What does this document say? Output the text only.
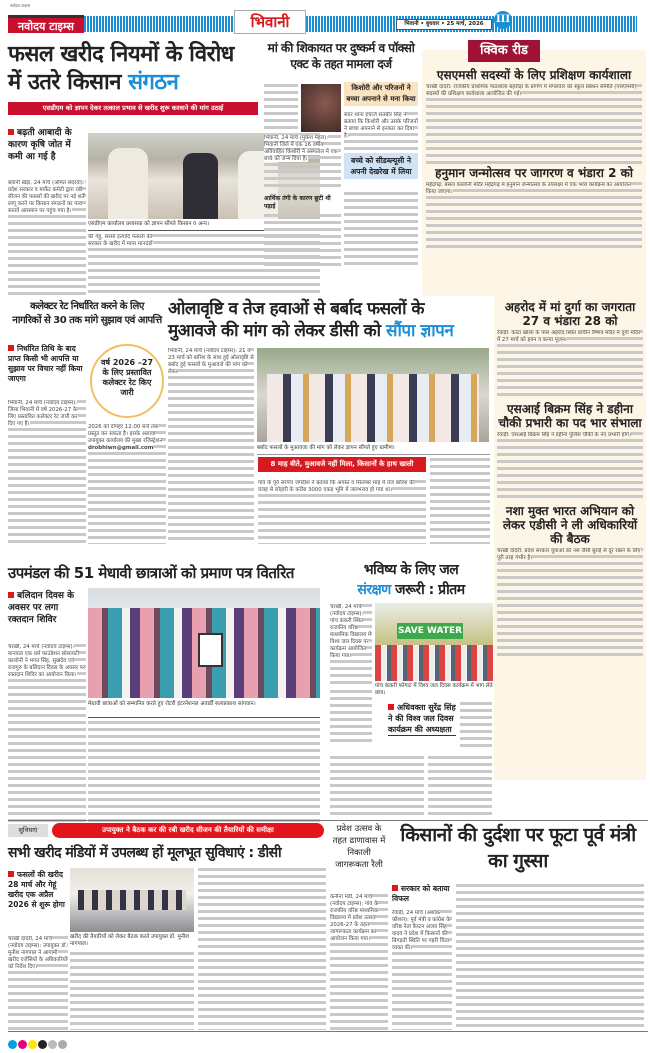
नवोदय टाइम्स
नवोदय टाइम्स	भिवानी	भिवानी • बुधवार • 25 मार्च, 2026	III
फसल खरीद नियमों के विरोध
में उतरे किसान संगठन
एसडीएम को ज्ञापन देकर तत्काल प्रभाव से खरीद शुरू करवाने की मांग उठाई
बढ़ती आबादी के कारण कृषि जोत में कमी आ गई है
बवानी खेड़ा, 24 मार्च (अमित संदरवा): प्रदेश सरकार व मार्केट कमेटी द्वारा रबी सीजन की फसलों की खरीद पर नई शर्तें लागू करने पर किसान संगठनों का पारा सातवें आसमान पर पहुंच गया है।
एसडीएम कार्यालय प्रशासक को ज्ञापन सौंपते किसान व अन्य।
की गेहूं, सरसों इत्यादि फसलों की सरकार के खरीद में माप्य मानदंडों
कलेक्टर रेट निर्धारित करने के लिए
नागरिकों से 30 तक मांगे सुझाव एवं आपत्ति
निर्धारित तिथि के बाद प्राप्त किसी भी आपत्ति या सुझाव पर विचार नहीं किया जाएगा
भिवानी, 24 मार्च (नवोदय टाइम्स): जिला भिवानी में वर्ष 2026-27 के लिए प्रस्तावित कलेक्टर रेट जारी कर दिए गए हैं।
वर्ष 2026 –27 के लिए प्रस्तावित कलेक्टर रेट किए जारी
2026 को दोपहर 12:00 बजे तक प्रस्तुत कर सकता है। इसके अलावा उपायुक्त कार्यालय की मुख्य रजिस्ट्रेशन
drobhiwn@gmail.com
मां की शिकायत पर दुष्कर्म व पॉक्सो एक्ट के तहत मामला दर्ज
किशोरी और परिजनों ने बच्चा अपनाने से मना किया
सदर थाना इंचार्ज सतबीर सिंह ने बताया कि किशोरी और उसके परिजनों ने बच्चा अपनाने से इनकार कर दिया है।
बच्चे को सीडब्ल्यूसी ने अपनी देखरेख में लिया
भिवानी, 24 मार्च (मुकेश मेहरा): भिवानी जिले में एक 16 वर्षीय अविवाहित किशोरी ने अस्पताल में एक बच्चे को जन्म दिया है।
आर्थिक तंगी के कारण छूटी थी पढ़ाई
क्विक रीड
एसएमसी सदस्यों के लिए प्रशिक्षण कार्यशाला
चरखी दादरी: राजकीय प्राथमिक पाठशाला बहरोड़ा के प्रांगण में मंगलवार को स्कूल प्रबंधन समिति (एसएमसी) सदस्यों की प्रशिक्षण कार्यशाला आयोजित की गई।
हनुमान जन्मोत्सव पर जागरण व भंडारा 2 को
महेंद्रगढ़: बंसल कालोनी मंदिर महेंद्रगढ़ में हनुमान जन्मोत्सव के उपलक्ष्य में एक भव्य कार्यक्रम का आयोजन किया जाएगा।
अहरोद में मां दुर्गा का जगराता 27 व भंडारा 28 को
रेवाड़ी: कांटा खोला के पास अहरोद स्थित प्राचीन वैष्णव मंदिर में दुर्गा मंदिर में 27 मार्च को हवन व कन्या पूजन।
एसआई बिक्रम सिंह ने डहीना चौकी प्रभारी का पद भार संभाला
रेवाड़ी: एसआई बिक्रम सिंह ने डहीना पुलिस चौकी के नए प्रभारी होंगे।
नशा मुक्त भारत अभियान को लेकर एडीसी ने ली अधिकारियों की बैठक
चरखी दादरी: प्रदेश सरकार युवाओं को नशे जैसी बुराई से दूर रखने के लिए पूरी तरह गंभीर है।
ओलावृष्टि व तेज हवाओं से बर्बाद फसलों के
मुआवजे की मांग को लेकर डीसी को सौंपा ज्ञापन
भिवानी, 24 मार्च (नवोदय टाइम्स): 21 व 23 मार्च को बारिश के साथ हुई ओलावृष्टि से बर्बाद हुई फसलों के मुआवजे की मांग को लेकर
बर्बाद फसलों के मुआवजा की मांग को लेकर ज्ञापन सौंपते हुए ग्रामीण।
8 माह बीते, मुआवजे नहीं मिला, किसानों के हाथ खाली
गांव के पूर्व सरपंच जगदीश ने बताया कि अगस्त व सितम्बर माह में तेज बारिश की वजह से लोहारी के करीब 3000 एकड़ भूमि में जलभराव हो गया था।
उपमंडल की 51 मेधावी छात्राओं को प्रमाण पत्र वितरित
बलिदान दिवस के अवसर पर लगा रक्तदान शिविर
चरखी, 24 मार्च (नवोदय टाइम्स): मानवता एक धर्म फाउंडेशन सोसायटी कालोनी ने भगत सिंह, सुखदेव एवं राजगुरु के बलिदान दिवस के अवसर पर रक्तदान शिविर का आयोजन किया।
मेधावी छात्राओं को सम्मानित करते हुए रोटरी इंटरनेशनल अवार्डी सत्यप्रकाश सांगवान।
भविष्य के लिए जल
संरक्षण जरूरी : प्रीतम
चरखी, 24 मार्च (नवोदय टाइम्स): पांच कंकरी स्थित राजकीय वरिष्ठ माध्यमिक विद्यालय में विश्व जल दिवस पर कार्यक्रम आयोजित किया गया।
SAVE WATER
पांच कंकरी फोगाट में विश्व जल दिवस कार्यक्रम में भाग लेते छात्र।
अधिवक्ता सुरेंद्र सिंह ने की विश्व जल दिवस कार्यक्रम की अध्यक्षता
सुविधाएं	उपायुक्त ने बैठक कर की रबी खरीद सीजन की तैयारियों की समीक्षा
सभी खरीद मंडियों में उपलब्ध हों मूलभूत सुविधाएं : डीसी
फसलों की खरीद 28 मार्च और गेहूं खरीद एक अप्रैल 2026 से शुरू होगा
चरखी दादरी, 24 मार्च (नवोदय टाइम्स): उपायुक्त डॉ. मुनीश नागपाल ने आगामी खरीद एजेंसियों के अधिकारियों को निर्देश दिए।
खरीद की तैयारियों को लेकर बैठक करते उपायुक्त डॉ. मुनीश नागपाल।
प्रवेश उत्सव के तहत ढाणावास में निकाली जागरूकता रैली
कनीना मंडी, 24 मार्च (नवोदय टाइम्स): गांव के राजकीय वरिष्ठ माध्यमिक विद्यालय में प्रवेश उत्सव 2026-27 के तहत जागरूकता कार्यक्रम का आयोजन किया गया।
किसानों की दुर्दशा पर फूटा पूर्व मंत्री का गुस्सा
सरकार को बताया विफल
रेवाड़ी, 24 मार्च (अशोक कौशल): पूर्व मंत्री व कांग्रेस के वरिष्ठ नेता कैप्टन अजय सिंह यादव ने प्रदेश में किसानों की बिगड़ती स्थिति पर गहरी चिंता व्यक्त की।
